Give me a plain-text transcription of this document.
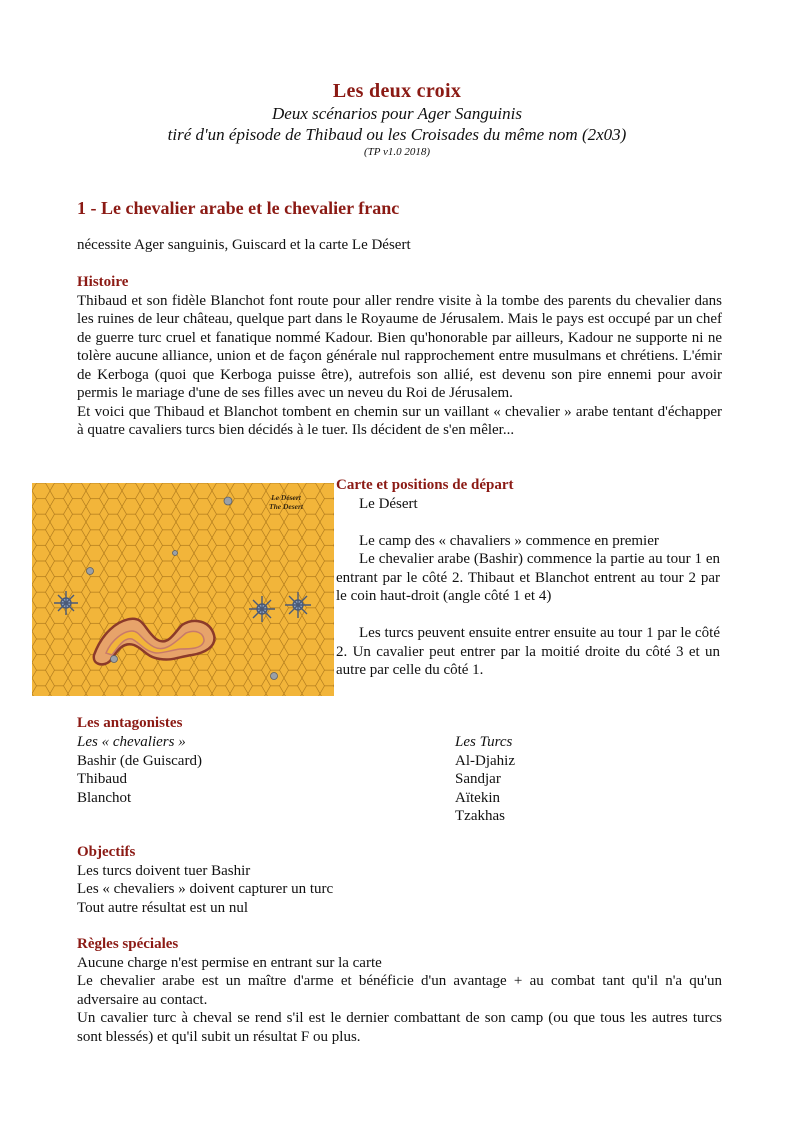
Les deux croix

Deux scénarios pour Ager Sanguinis

tiré d'un épisode de Thibaud ou les Croisades du même nom (2x03)

(TP v1.0 2018)

1 - Le chevalier arabe et le chevalier franc

nécessite Ager sanguinis, Guiscard et la carte Le Désert

Histoire

Thibaud et son fidèle Blanchot font route pour aller rendre visite à la tombe des parents du chevalier dans les ruines de leur château, quelque part dans le Royaume de Jérusalem. Mais le pays est occupé par un chef de guerre turc cruel et fanatique nommé Kadour. Bien qu'honorable par ailleurs, Kadour ne supporte ni ne tolère aucune alliance, union et de façon générale nul rapprochement entre musulmans et chrétiens. L'émir de Kerboga (quoi que Kerboga puisse être), autrefois son allié, est devenu son pire ennemi pour avoir permis le mariage d'une de ses filles avec un neveu du Roi de Jérusalem.

Et voici que Thibaud et Blanchot tombent en chemin sur un vaillant « chevalier » arabe tentant d'échapper à quatre cavaliers turcs bien décidés à le tuer. Ils décident de s'en mêler...

Le Désert
The Desert

Carte et positions de départ

Le Désert

Le camp des « chavaliers » commence en premier

Le chevalier arabe (Bashir) commence la partie au tour 1 en entrant par le côté 2. Thibaut et Blanchot entrent au tour 2 par le coin haut-droit (angle côté 1 et 4)

Les turcs peuvent ensuite entrer ensuite au tour 1 par le côté 2. Un cavalier peut entrer par la moitié droite du côté 3 et un autre par celle du côté 1.

Les antagonistes

Les « chevaliers »

Bashir (de Guiscard)

Thibaud

Blanchot

Les Turcs

Al-Djahiz

Sandjar

Aïtekin

Tzakhas

Objectifs

Les turcs doivent tuer Bashir

Les « chevaliers » doivent capturer un turc

Tout autre résultat est un nul

Règles spéciales

Aucune charge n'est permise en entrant sur la carte

Le chevalier arabe est un maître d'arme et bénéficie d'un avantage + au combat tant qu'il n'a qu'un adversaire au contact.

Un cavalier turc à cheval se rend s'il est le dernier combattant de son camp (ou que tous les autres turcs sont blessés) et qu'il subit un résultat F ou plus.
